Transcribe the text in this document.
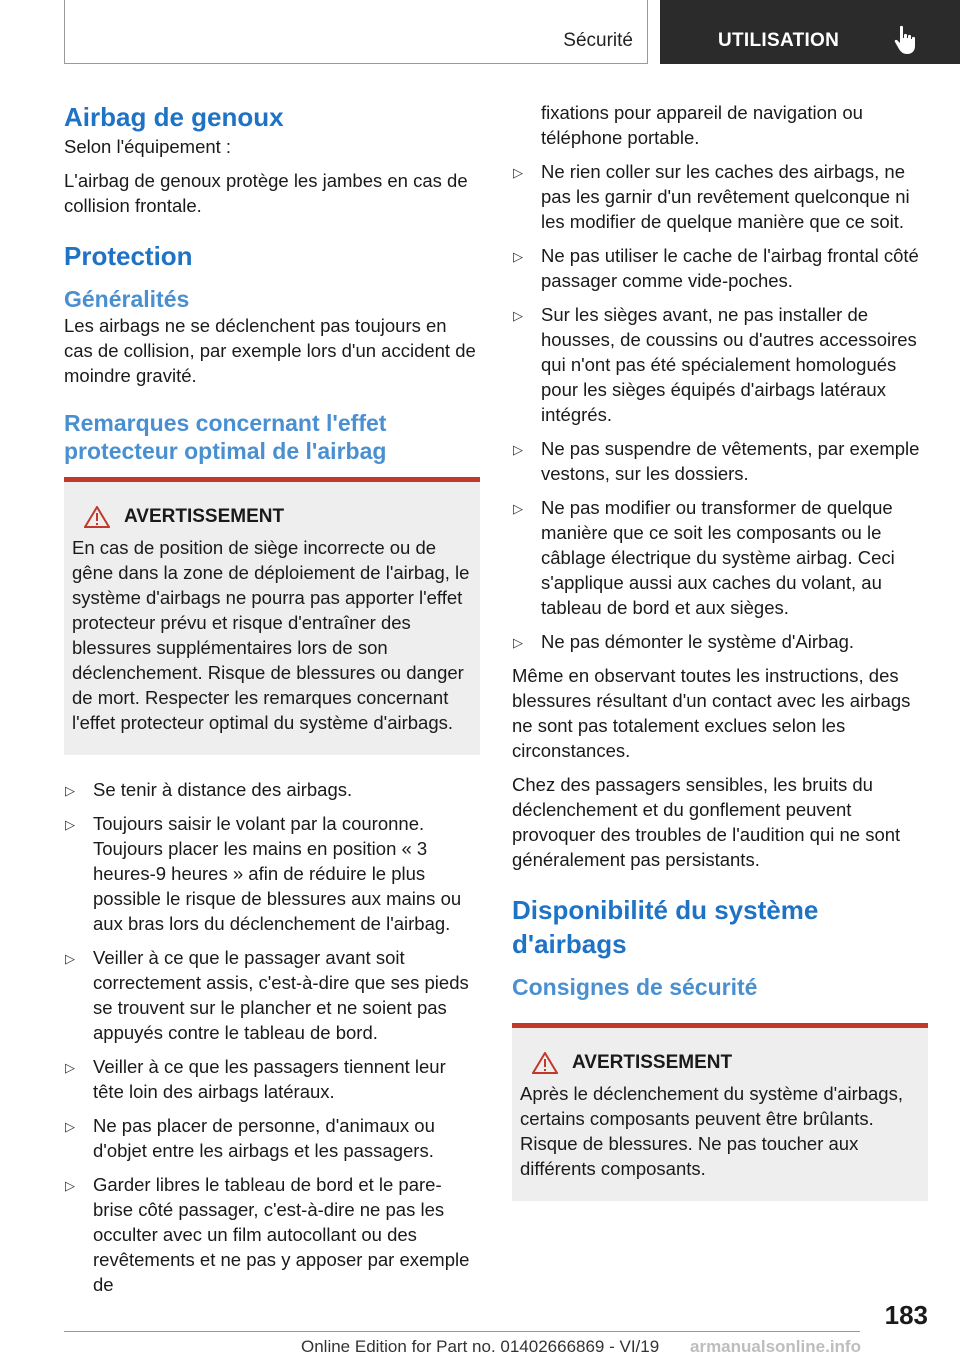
Sécurité	UTILISATION
Airbag de genoux

Selon l'équipement :

L'airbag de genoux protège les jambes en cas de collision frontale.

Protection
Généralités

Les airbags ne se déclenchent pas toujours en cas de collision, par exemple lors d'un accident de moindre gravité.

Remarques concernant l'effet protecteur optimal de l'airbag
AVERTISSEMENT

En cas de position de siège incorrecte ou de gêne dans la zone de déploiement de l'airbag, le système d'airbags ne pourra pas apporter l'effet protecteur prévu et risque d'entraîner des blessures supplémentaires lors de son déclenchement. Risque de blessures ou danger de mort. Respecter les remarques concernant l'effet protecteur optimal du système d'airbags.

▷ Se tenir à distance des airbags.
▷ Toujours saisir le volant par la couronne. Toujours placer les mains en position « 3 heures-9 heures » afin de réduire le plus possible le risque de blessures aux mains ou aux bras lors du déclenchement de l'airbag.
▷ Veiller à ce que le passager avant soit correctement assis, c'est-à-dire que ses pieds se trouvent sur le plancher et ne soient pas appuyés contre le tableau de bord.
▷ Veiller à ce que les passagers tiennent leur tête loin des airbags latéraux.
▷ Ne pas placer de personne, d'animaux ou d'objet entre les airbags et les passagers.
▷ Garder libres le tableau de bord et le pare-brise côté passager, c'est-à-dire ne pas les occulter avec un film autocollant ou des revêtements et ne pas y apposer par exemple de
fixations pour appareil de navigation ou téléphone portable.
▷ Ne rien coller sur les caches des airbags, ne pas les garnir d'un revêtement quelconque ni les modifier de quelque manière que ce soit.
▷ Ne pas utiliser le cache de l'airbag frontal côté passager comme vide-poches.
▷ Sur les sièges avant, ne pas installer de housses, de coussins ou d'autres accessoires qui n'ont pas été spécialement homologués pour les sièges équipés d'airbags latéraux intégrés.
▷ Ne pas suspendre de vêtements, par exemple vestons, sur les dossiers.
▷ Ne pas modifier ou transformer de quelque manière que ce soit les composants ou le câblage électrique du système airbag. Ceci s'applique aussi aux caches du volant, au tableau de bord et aux sièges.
▷ Ne pas démonter le système d'Airbag.

Même en observant toutes les instructions, des blessures résultant d'un contact avec les airbags ne sont pas totalement exclues selon les circonstances.

Chez des passagers sensibles, les bruits du déclenchement et du gonflement peuvent provoquer des troubles de l'audition qui ne sont généralement pas persistants.

Disponibilité du système d'airbags
Consignes de sécurité
AVERTISSEMENT

Après le déclenchement du système d'airbags, certains composants peuvent être brûlants. Risque de blessures. Ne pas toucher aux différents composants.

183
Online Edition for Part no. 01402666869 - VI/19 armanualsonline.info
